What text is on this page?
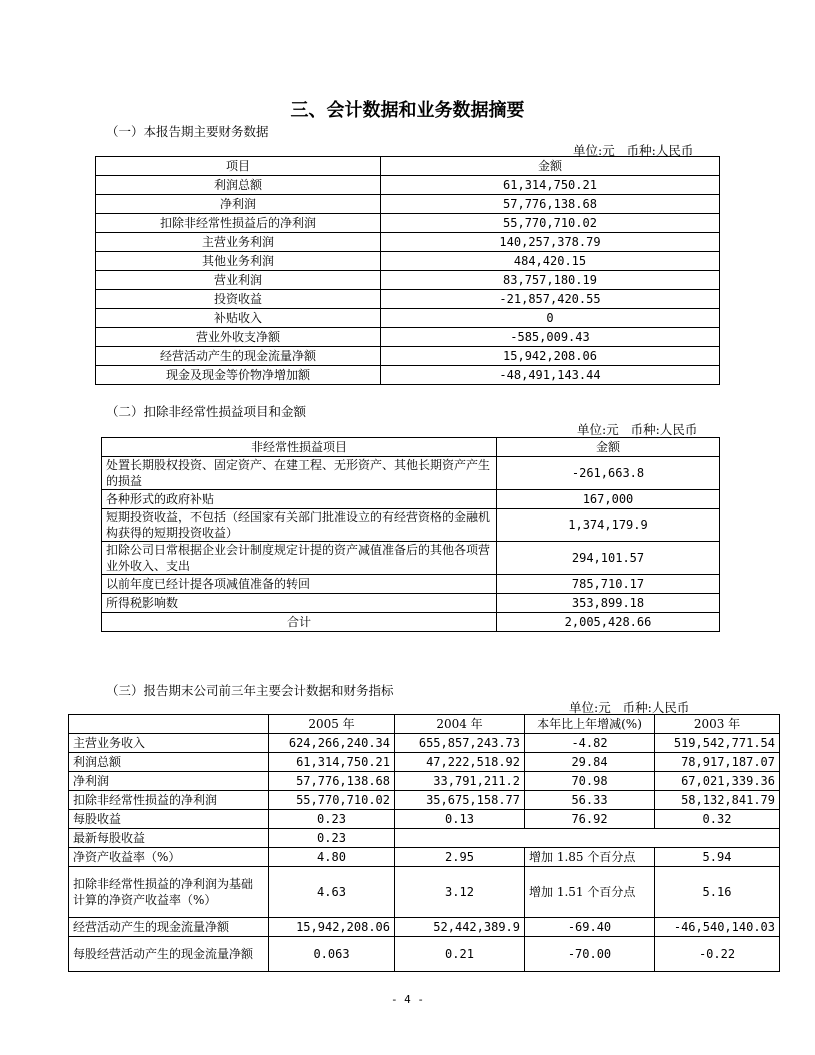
三、会计数据和业务数据摘要
（一）本报告期主要财务数据
单位:元   币种:人民币
项目	金额
利润总额	61,314,750.21
净利润	57,776,138.68
扣除非经常性损益后的净利润	55,770,710.02
主营业务利润	140,257,378.79
其他业务利润	484,420.15
营业利润	83,757,180.19
投资收益	-21,857,420.55
补贴收入	0
营业外收支净额	-585,009.43
经营活动产生的现金流量净额	15,942,208.06
现金及现金等价物净增加额	-48,491,143.44
（二）扣除非经常性损益项目和金额
单位:元   币种:人民币
非经常性损益项目	金额
处置长期股权投资、固定资产、在建工程、无形资产、其他长期资产产生的损益	-261,663.8
各种形式的政府补贴	167,000
短期投资收益，不包括（经国家有关部门批准设立的有经营资格的金融机构获得的短期投资收益）	1,374,179.9
扣除公司日常根据企业会计制度规定计提的资产减值准备后的其他各项营业外收入、支出	294,101.57
以前年度已经计提各项减值准备的转回	785,710.17
所得税影响数	353,899.18
合计	2,005,428.66
（三）报告期末公司前三年主要会计数据和财务指标
单位:元   币种:人民币
	2005 年	2004 年	本年比上年增减(%)	2003 年
主营业务收入	624,266,240.34	655,857,243.73	-4.82	519,542,771.54
利润总额	61,314,750.21	47,222,518.92	29.84	78,917,187.07
净利润	57,776,138.68	33,791,211.2	70.98	67,021,339.36
扣除非经常性损益的净利润	55,770,710.02	35,675,158.77	56.33	58,132,841.79
每股收益	0.23	0.13	76.92	0.32
最新每股收益	0.23			
净资产收益率（%）	4.80	2.95	增加 1.85 个百分点	5.94
扣除非经常性损益的净利润为基础计算的净资产收益率（%）	4.63	3.12	增加 1.51 个百分点	5.16
经营活动产生的现金流量净额	15,942,208.06	52,442,389.9	-69.40	-46,540,140.03
每股经营活动产生的现金流量净额	0.063	0.21	-70.00	-0.22
- 4 -
